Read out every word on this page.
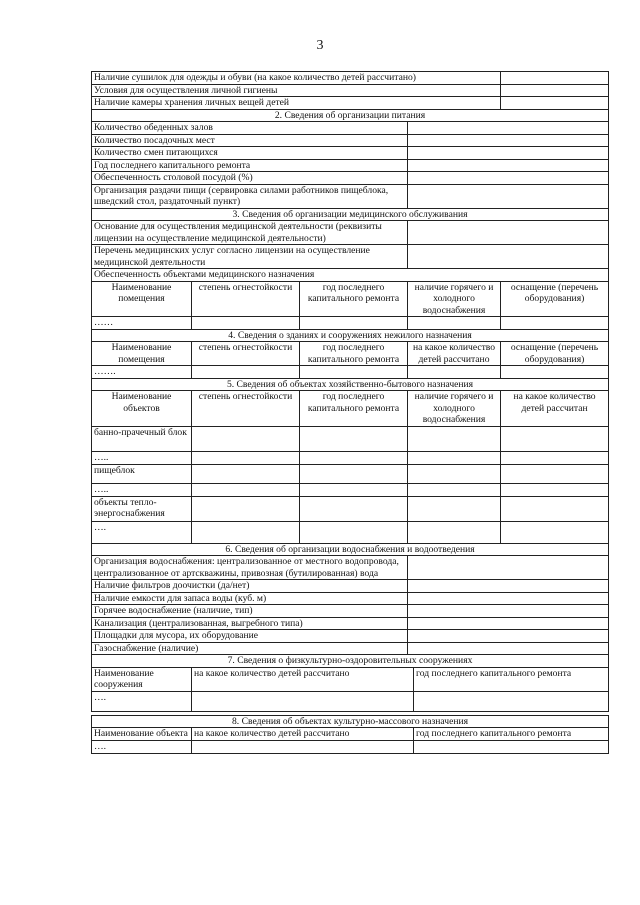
3
Наличие сушилок для одежды и обуви (на какое количество детей рассчитано)				
Условия для осуществления личной гигиены				
Наличие камеры хранения личных вещей детей				
2. Сведения об организации питания				
Количество обеденных залов				
Количество посадочных мест				
Количество смен питающихся				
Год последнего капитального ремонта				
Обеспеченность столовой посудой (%)				
Организация раздачи пищи (сервировка силами работников пищеблока, шведский стол, раздаточный пункт)				
3. Сведения об организации медицинского обслуживания				
Основание для осуществления медицинской деятельности (реквизиты лицензии на осуществление медицинской деятельности)				
Перечень медицинских услуг согласно лицензии на осуществление медицинской деятельности				
Обеспеченность объектами медицинского назначения				
Наименование помещения	степень огнестойкости	год последнего капитального ремонта	наличие горячего и холодного водоснабжения	оснащение (перечень оборудования)
……				
4. Сведения о зданиях и сооружениях нежилого назначения				
Наименование помещения	степень огнестойкости	год последнего капитального ремонта	на какое количество детей рассчитано	оснащение (перечень оборудования)
…….				
5. Сведения об объектах хозяйственно-бытового назначения				
Наименование объектов	степень огнестойкости	год последнего капитального ремонта	наличие горячего и холодного водоснабжения	на какое количество детей рассчитан
банно-прачечный блок				
…..				
пищеблок				
…..				
объекты тепло-энергоснабжения				
….				
6. Сведения об организации водоснабжения и водоотведения				
Организация водоснабжения: централизованное от местного водопровода, централизованное от артскважины, привозная (бутилированная) вода				
Наличие фильтров доочистки (да/нет)				
Наличие емкости для запаса воды (куб. м)				
Горячее водоснабжение (наличие, тип)				
Канализация (централизованная, выгребного типа)				
Площадки для мусора, их оборудование				
Газоснабжение (наличие)				
7. Сведения о физкультурно-оздоровительных сооружениях		
Наименование сооружения	на какое количество детей рассчитано	год последнего капитального ремонта
….		

8. Сведения об объектах культурно-массового назначения		
Наименование объекта	на какое количество детей рассчитано	год последнего капитального ремонта
….		
